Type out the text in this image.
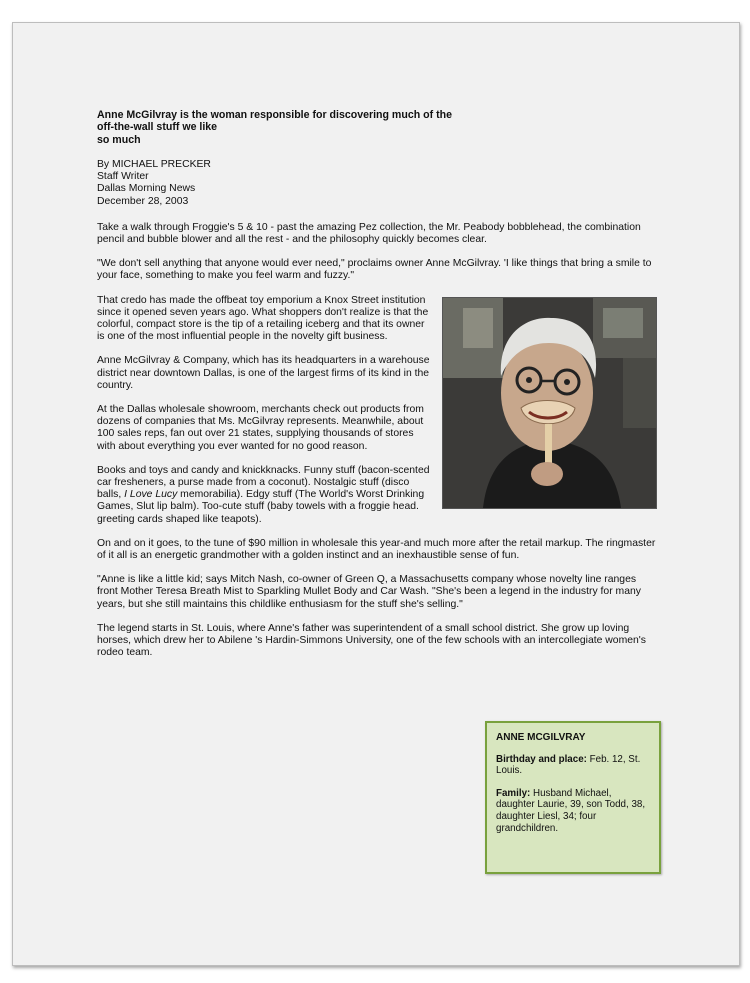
Anne McGilvray is the woman responsible for discovering much of the
off-the-wall stuff we like
so much
By MICHAEL PRECKER
Staff Writer
Dallas Morning News
December 28, 2003

Take a walk through Froggie's 5 & 10 - past the amazing Pez collection, the Mr. Peabody bobblehead, the combination pencil and bubble blower and all the rest - and the philosophy quickly becomes clear.

"We don't sell anything that anyone would ever need," proclaims owner Anne McGilvray. 'I like things that bring a smile to your face, something to make you feel warm and fuzzy."

That credo has made the offbeat toy emporium a Knox Street institution since it opened seven years ago. What shoppers don't realize is that the colorful, compact store is the tip of a retailing iceberg and that its owner is one of the most influential people in the novelty gift business.

Anne McGilvray & Company, which has its headquarters in a warehouse district near downtown Dallas, is one of the largest firms of its kind in the country.

At the Dallas wholesale showroom, merchants check out products from dozens of companies that Ms. McGilvray represents. Meanwhile, about 100 sales reps, fan out over 21 states, supplying thousands of stores with about everything you ever wanted for no good reason.

Books and toys and candy and knickknacks. Funny stuff (bacon-scented car fresheners, a purse made from a coconut). Nostalgic stuff (disco balls, I Love Lucy memorabilia). Edgy stuff (The World's Worst Drinking Games, Slut lip balm). Too-cute stuff (baby towels with a froggie head. greeting cards shaped like teapots).

On and on it goes, to the tune of $90 million in wholesale this year-and much more after the retail markup. The ringmaster of it all is an energetic grandmother with a golden instinct and an inexhaustible sense of fun.

"Anne is like a little kid; says Mitch Nash, co-owner of Green Q, a Massachusetts company whose novelty line ranges front Mother Teresa Breath Mist to Sparkling Mullet Body and Car Wash. "She's been a legend in the industry for many years, but she still maintains this childlike enthusiasm for the stuff she's selling."

The legend starts in St. Louis, where Anne's father was superintendent of a small school district. She grow up loving horses, which drew her to Abilene 's Hardin-Simmons University, one of the few schools with an intercollegiate women's rodeo team.

ANNE MCGILVRAY
Birthday and place: Feb. 12, St. Louis.
Family: Husband Michael, daughter Laurie, 39, son Todd, 38, daughter Liesl, 34; four grandchildren.
